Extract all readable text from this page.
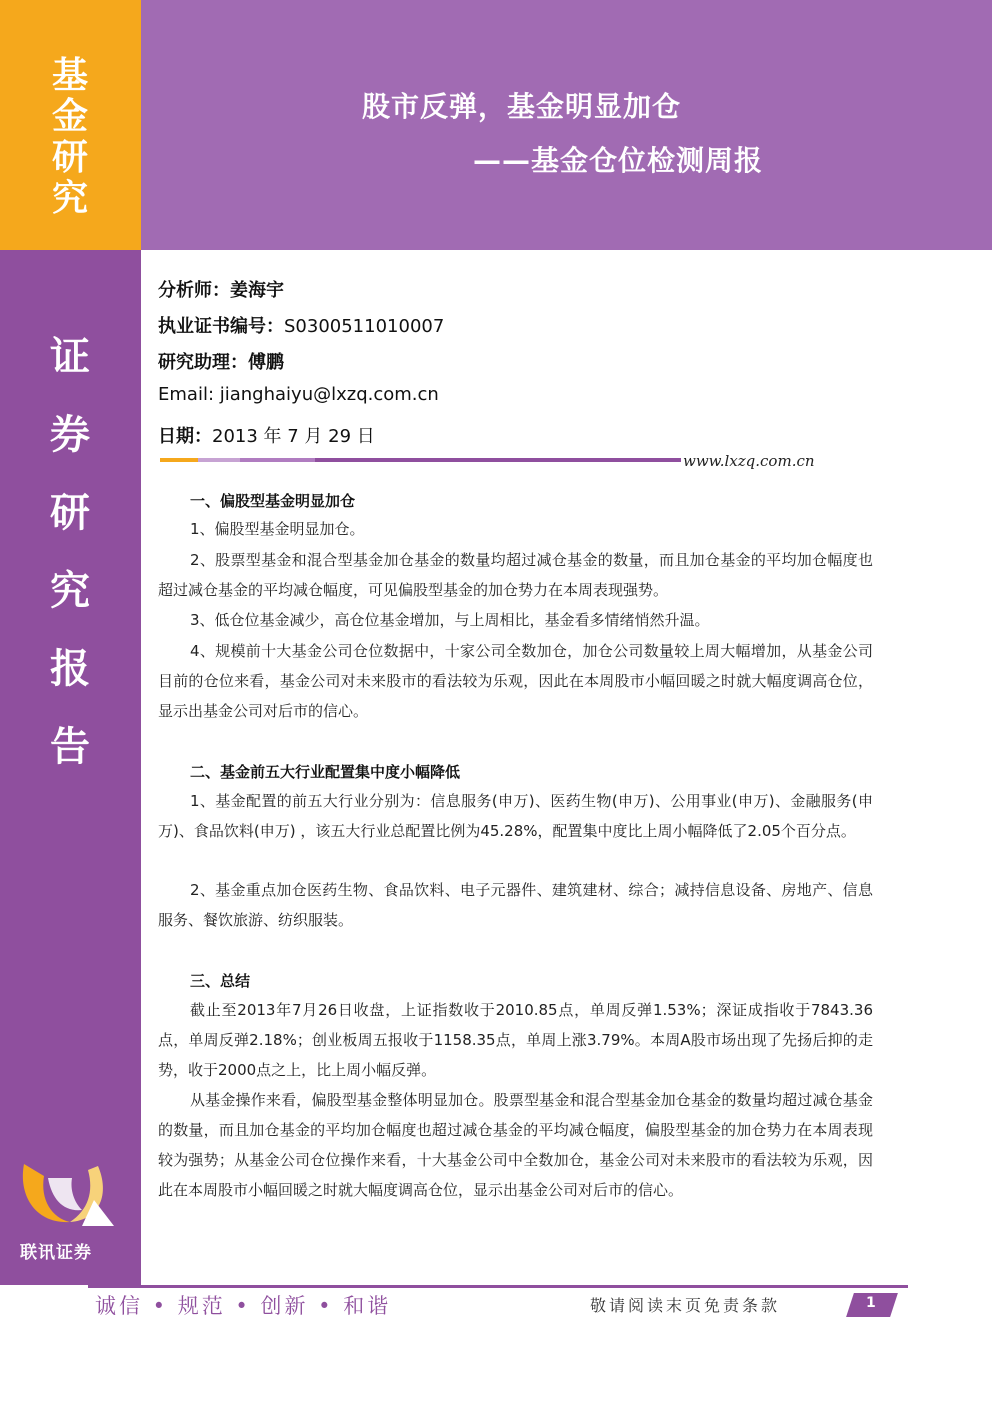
基
金
研
究
证
券
研
究
报
告
股市反弹，基金明显加仓
——基金仓位检测周报
分析师：姜海宇
执业证书编号：S0300511010007
研究助理：傅鹏
Email: jianghaiyu@lxzq.com.cn
日期：2013 年 7 月 29 日
www.lxzq.com.cn
一、偏股型基金明显加仓
1、偏股型基金明显加仓。
2、股票型基金和混合型基金加仓基金的数量均超过减仓基金的数量，而且加仓基金的平均加仓幅度也超过减仓基金的平均减仓幅度，可见偏股型基金的加仓势力在本周表现强势。
3、低仓位基金减少，高仓位基金增加，与上周相比，基金看多情绪悄然升温。
4、规模前十大基金公司仓位数据中，十家公司全数加仓，加仓公司数量较上周大幅增加，从基金公司目前的仓位来看，基金公司对未来股市的看法较为乐观，因此在本周股市小幅回暖之时就大幅度调高仓位，显示出基金公司对后市的信心。
二、基金前五大行业配置集中度小幅降低
1、基金配置的前五大行业分别为：信息服务(申万)、医药生物(申万)、公用事业(申万)、金融服务(申万)、食品饮料(申万) ，该五大行业总配置比例为45.28%，配置集中度比上周小幅降低了2.05个百分点。
2、基金重点加仓医药生物、食品饮料、电子元器件、建筑建材、综合；减持信息设备、房地产、信息服务、餐饮旅游、纺织服装。
三、总结
截止至2013年7月26日收盘，上证指数收于2010.85点，单周反弹1.53%；深证成指收于7843.36点，单周反弹2.18%；创业板周五报收于1158.35点，单周上涨3.79%。本周A股市场出现了先扬后抑的走势，收于2000点之上，比上周小幅反弹。
从基金操作来看，偏股型基金整体明显加仓。股票型基金和混合型基金加仓基金的数量均超过减仓基金的数量，而且加仓基金的平均加仓幅度也超过减仓基金的平均减仓幅度，偏股型基金的加仓势力在本周表现较为强势；从基金公司仓位操作来看，十大基金公司中全数加仓，基金公司对未来股市的看法较为乐观，因此在本周股市小幅回暖之时就大幅度调高仓位，显示出基金公司对后市的信心。
联讯证券
诚信 • 规范 • 创新 • 和谐	敬请阅读末页免责条款	1
